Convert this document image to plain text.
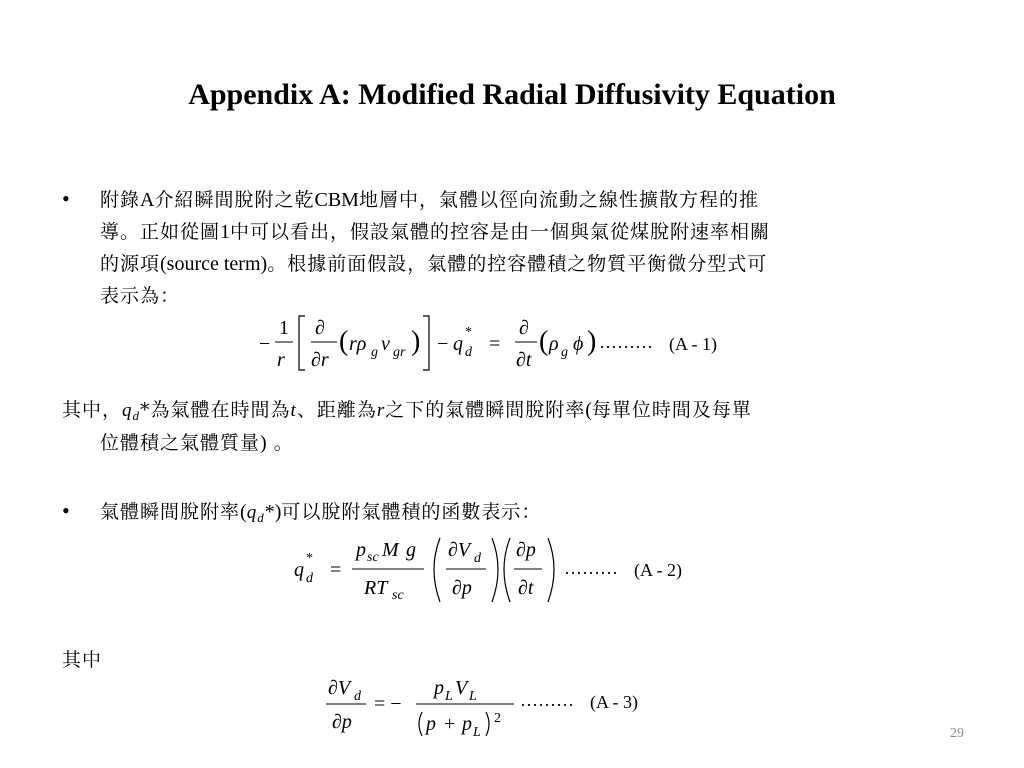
Appendix A: Modified Radial Diffusivity Equation
• 附錄A介紹瞬間脫附之乾CBM地層中，氣體以徑向流動之線性擴散方程的推
導。正如從圖1中可以看出，假設氣體的控容是由一個與氣從煤脫附速率相關
的源項(source term)。根據前面假設，氣體的控容體積之物質平衡微分型式可
表示為：
−
1
r
∂
∂r
( rρ g v gr ) − q
*
d =
∂
∂t
( ρ g ϕ ) ……… (A - 1)
其中，$q_d*$為氣體在時間為t、距離為r之下的氣體瞬間脫附率(每單位時間及每單
位體積之氣體質量) 。
• 氣體瞬間脫附率$(q_d*)$可以脫附氣體積的函數表示：
q
*
d =
p sc M g
RT sc
∂V d
∂p
∂p
∂t
……… (A - 2)
其中
∂V d
∂p
= −
p L V L
p + p L
2
……… (A - 3)
29
